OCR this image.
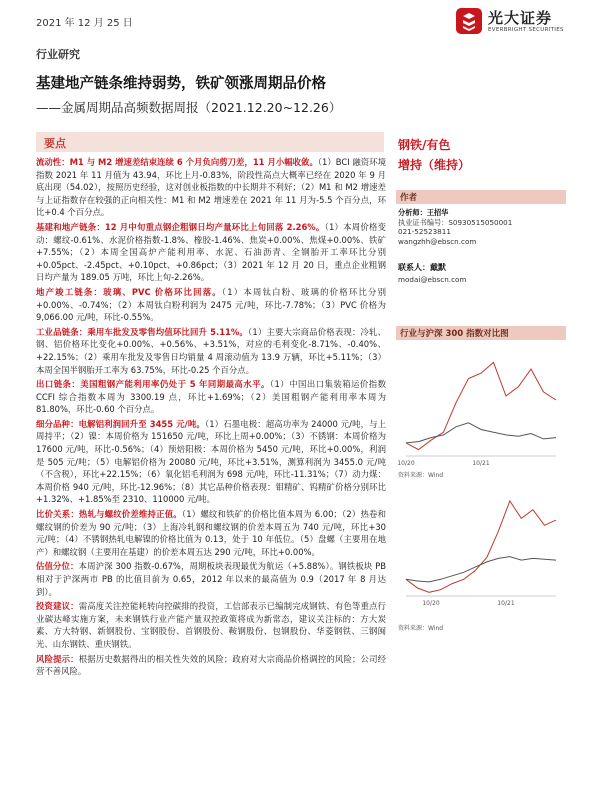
2021 年 12 月 25 日	光大证券
EVERBRIGHT SECURITIES
行业研究
基建地产链条维持弱势，铁矿领涨周期品价格
——金属周期品高频数据周报（2021.12.20~12.26）
要点

流动性：M1 与 M2 增速差结束连续 6 个月负向剪刀差，11 月小幅收敛。（1）BCI 融资环境指数 2021 年 11 月值为 43.94，环比上月-0.83%，阶段性高点大概率已经在 2020 年 9 月底出现（54.02），按照历史经验，这对创业板指数的中长期并不利好；（2）M1 和 M2 增速差与上证指数存在较强的正向相关性：M1 和 M2 增速差在 2021 年 11 月为-5.5 个百分点，环比+0.4 个百分点。

基建和地产链条：12 月中旬重点钢企粗钢日均产量环比上旬回落 2.26%。（1）本周价格变动：螺纹-0.61%、水泥价格指数-1.8%、橡胶-1.46%、焦炭+0.00%、焦煤+0.00%、铁矿+7.55%；（2）本周全国高炉产能利用率、水泥、石油沥青、全钢胎开工率环比分别+0.05pct、-2.45pct、+0.10pct、+0.86pct；（3）2021 年 12 月 20 日，重点企业粗钢日均产量为 189.05 万吨，环比上旬-2.26%。

地产竣工链条：玻璃、PVC 价格环比回落。（1）本周钛白粉、玻璃的价格环比分别+0.00%、-0.74%；（2）本周钛白粉利润为 2475 元/吨，环比-7.78%；（3）PVC 价格为 9,066.00 元/吨，环比-0.55%。

工业品链条：乘用车批发及零售均值环比回升 5.11%。（1）主要大宗商品价格表现：冷轧、钢、铝价格环比变化+0.00%、+0.56%、+3.51%，对应的毛利变化-8.71%、-0.40%、+22.15%；（2）乘用车批发及零售日均销量 4 周滚动值为 13.9 万辆，环比+5.11%；（3）本周全国半钢胎开工率为 63.75%，环比-0.25 个百分点。

出口链条：美国粗钢产能利用率仍处于 5 年同期最高水平。（1）中国出口集装箱运价指数 CCFI 综合指数本周为 3300.19 点，环比+1.69%；（2）美国粗钢产能利用率本周为 81.80%，环比-0.60 个百分点。

细分品种：电解铝利润回升至 3455 元/吨。（1）石墨电极：超高功率为 24000 元/吨，与上周持平；（2）镍：本周价格为 151650 元/吨，环比上周+0.00%；（3）不锈钢：本周价格为 17600 元/吨，环比-0.56%；（4）预焙阳极：本周价格为 5450 元/吨，环比+0.00%，利润是 505 元/吨；（5）电解铝价格为 20080 元/吨，环比+3.51%，测算利润为 3455.0 元/吨（不含税），环比+22.15%；（6）氧化铝毛利润为 698 元/吨，环比-11.31%；（7）动力煤：本周价格 940 元/吨，环比-12.96%；（8）其它品种价格表现：钼精矿、钨精矿价格分别环比+1.32%、+1.85%至 2310、110000 元/吨。

比价关系：热轧与螺纹价差维持正值。（1）螺纹和铁矿的价格比值本周为 6.00；（2）热卷和螺纹钢的价差为 90 元/吨；（3）上海冷轧钢和螺纹钢的价差本周五为 740 元/吨，环比+30 元/吨；（4）不锈钢热轧电解镍的价格比值为 0.13，处于 10 年低位。（5）盘螺（主要用在地产）和螺纹钢（主要用在基建）的价差本周五达 290 元/吨，环比+0.00%。

估值分位：本周沪深 300 指数-0.67%，周期板块表现最优为航运（+5.88%）。钢铁板块 PB 相对于沪深两市 PB 的比值目前为 0.65，2012 年以来的最高值为 0.9（2017 年 8 月达到）。

投资建议：需高度关注控能耗转向控碳排的投资，工信部表示已编制完成钢铁、有色等重点行业碳达峰实施方案，未来钢铁行业产能产量双控政策将成为新常态，建议关注标的：方大炭素、方大特钢、新钢股份、宝钢股份、首钢股份、鞍钢股份、包钢股份、华菱钢铁、三钢闽光、山东钢铁、重庆钢铁。

风险提示：根据历史数据得出的相关性失效的风险；政府对大宗商品价格调控的风险；公司经营不善风险。

钢铁/有色
增持（维持）
作者
分析师：王招华
执业证书编号：S0930515050001
021-52523811
wangzhh@ebscn.com
联系人：戴默
modai@ebscn.com
行业与沪深 300 指数对比图
10/20	10/21
10/20	10/21
资料来源：Wind
资料来源：Wind
